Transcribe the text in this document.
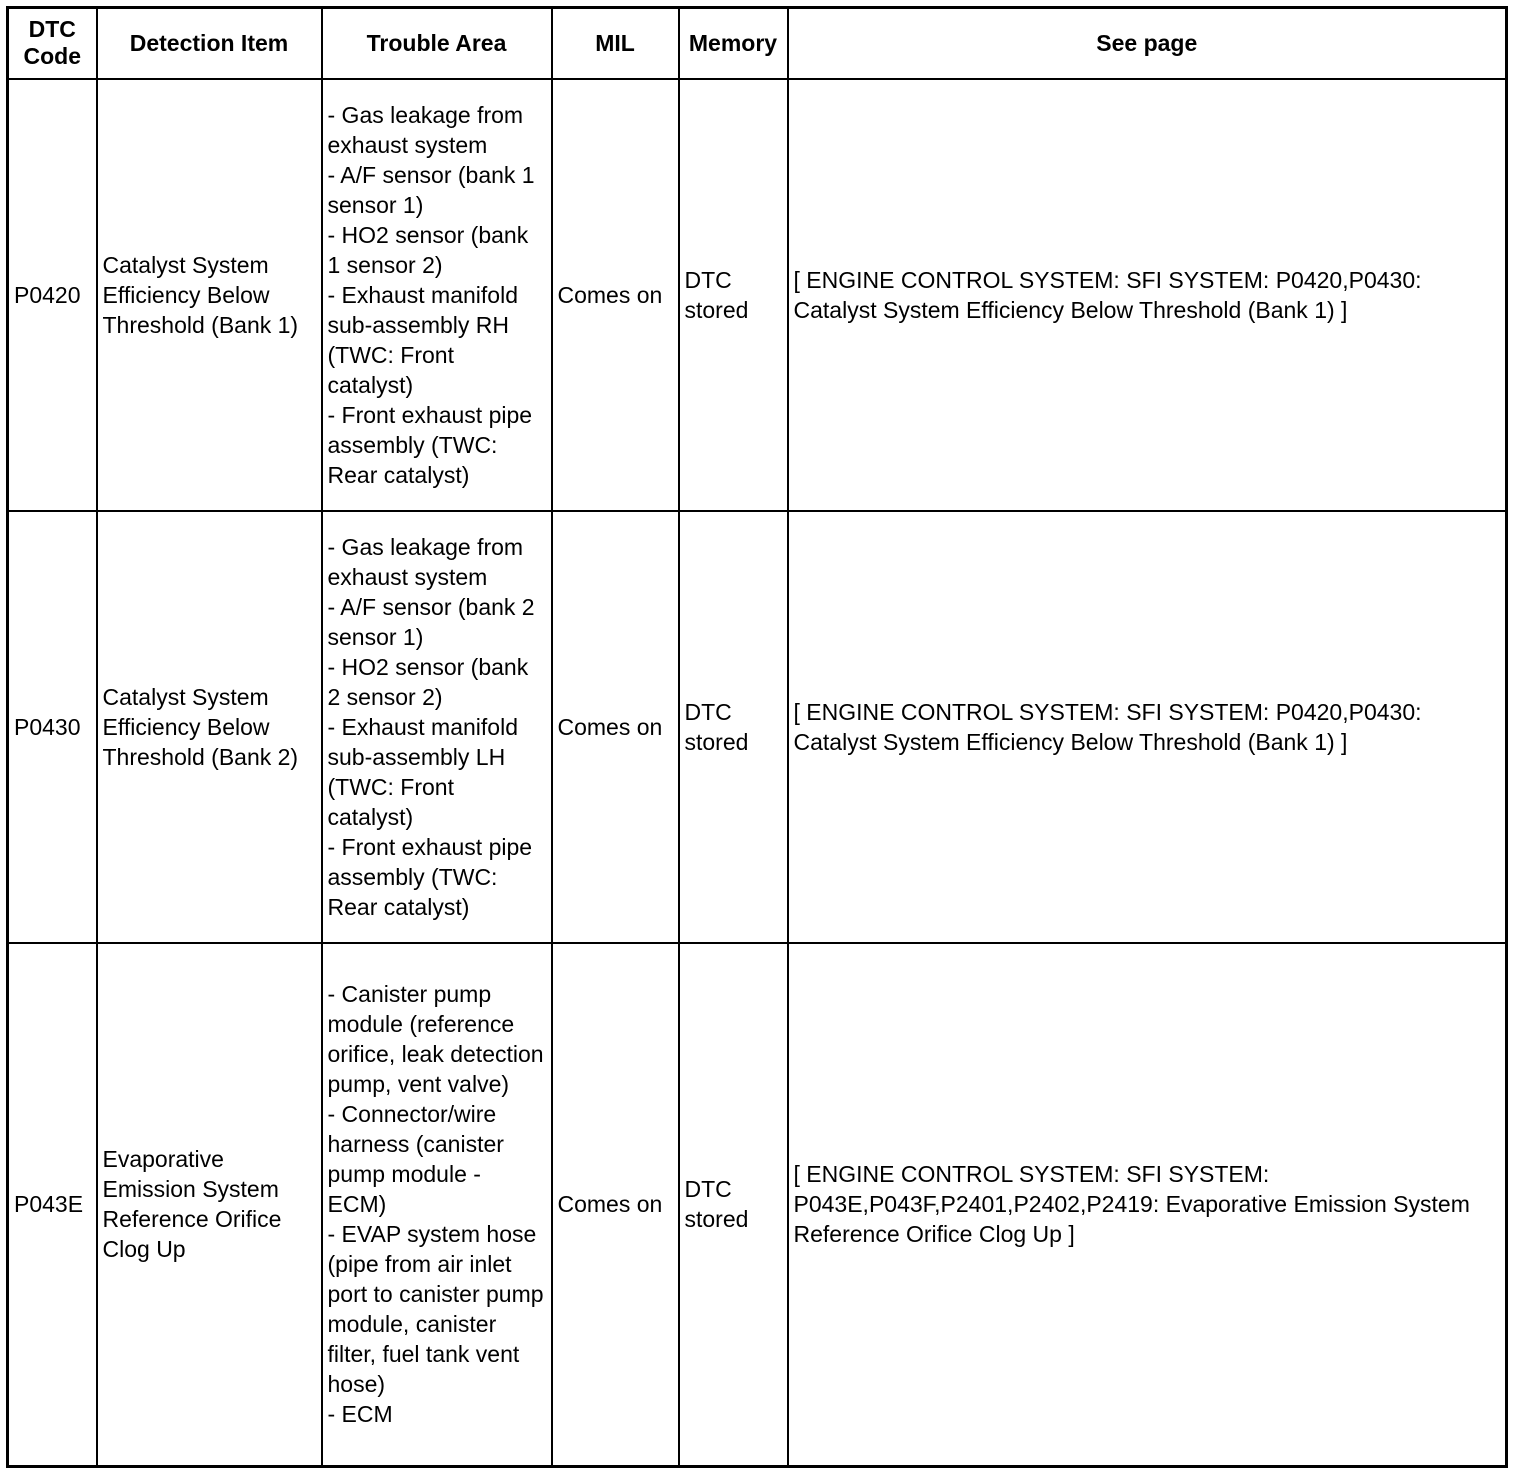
DTC
Code	Detection Item	Trouble Area	MIL	Memory	See page
P0420	Catalyst System Efficiency Below Threshold (Bank 1)	- Gas leakage from exhaust system
- A/F sensor (bank 1 sensor 1)
- HO2 sensor (bank 1 sensor 2)
- Exhaust manifold sub-assembly RH (TWC: Front catalyst)
- Front exhaust pipe assembly (TWC: Rear catalyst)	Comes on	DTC stored	[ ENGINE CONTROL SYSTEM: SFI SYSTEM: P0420,P0430: Catalyst System Efficiency Below Threshold (Bank 1) ]
P0430	Catalyst System Efficiency Below Threshold (Bank 2)	- Gas leakage from exhaust system
- A/F sensor (bank 2 sensor 1)
- HO2 sensor (bank 2 sensor 2)
- Exhaust manifold sub-assembly LH (TWC: Front catalyst)
- Front exhaust pipe assembly (TWC: Rear catalyst)	Comes on	DTC stored	[ ENGINE CONTROL SYSTEM: SFI SYSTEM: P0420,P0430: Catalyst System Efficiency Below Threshold (Bank 1) ]
P043E	Evaporative Emission System Reference Orifice Clog Up	- Canister pump module (reference orifice, leak detection pump, vent valve)
- Connector/wire harness (canister pump module - ECM)
- EVAP system hose (pipe from air inlet port to canister pump module, canister filter, fuel tank vent hose)
- ECM	Comes on	DTC stored	[ ENGINE CONTROL SYSTEM: SFI SYSTEM: P043E,P043F,P2401,P2402,P2419: Evaporative Emission System Reference Orifice Clog Up ]
